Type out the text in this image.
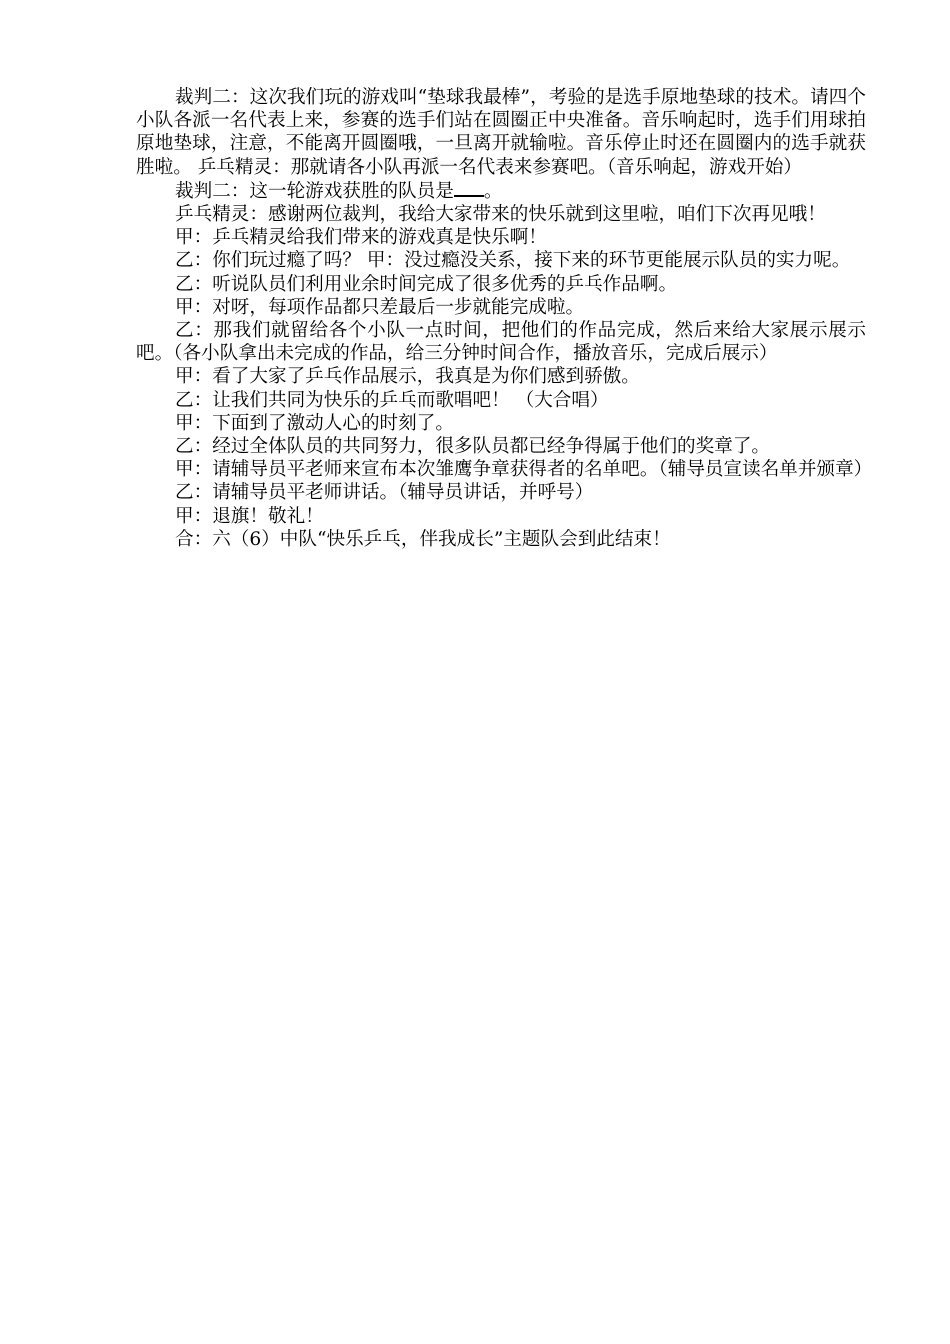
裁判二：这次我们玩的游戏叫“垫球我最棒”，考验的是选手原地垫球的技术。请四个小队各派一名代表上来，参赛的选手们站在圆圈正中央准备。音乐响起时，选手们用球拍原地垫球，注意，不能离开圆圈哦，一旦离开就输啦。音乐停止时还在圆圈内的选手就获胜啦。 乒乓精灵：那就请各小队再派一名代表来参赛吧。（音乐响起，游戏开始）

裁判二：这一轮游戏获胜的队员是 。

乒乓精灵：感谢两位裁判，我给大家带来的快乐就到这里啦，咱们下次再见哦！

甲：乒乓精灵给我们带来的游戏真是快乐啊！

乙：你们玩过瘾了吗？ 甲：没过瘾没关系，接下来的环节更能展示队员的实力呢。

乙：听说队员们利用业余时间完成了很多优秀的乒乓作品啊。

甲：对呀，每项作品都只差最后一步就能完成啦。

乙：那我们就留给各个小队一点时间，把他们的作品完成，然后来给大家展示展示吧。（各小队拿出未完成的作品，给三分钟时间合作，播放音乐，完成后展示）

甲：看了大家了乒乓作品展示，我真是为你们感到骄傲。

乙：让我们共同为快乐的乒乓而歌唱吧！ （大合唱）

甲：下面到了激动人心的时刻了。

乙：经过全体队员的共同努力，很多队员都已经争得属于他们的奖章了。

甲：请辅导员平老师来宣布本次雏鹰争章获得者的名单吧。（辅导员宣读名单并颁章）

乙：请辅导员平老师讲话。（辅导员讲话，并呼号）

甲：退旗！敬礼！

合：六（6）中队“快乐乒乓，伴我成长”主题队会到此结束！
